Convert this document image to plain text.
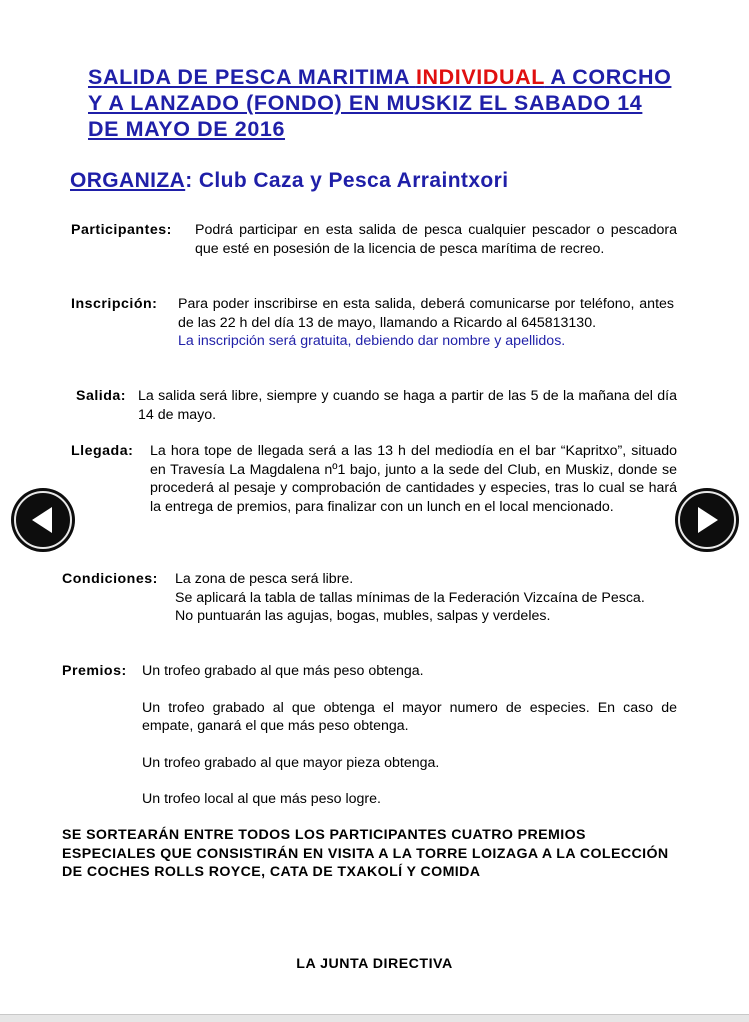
SALIDA DE PESCA MARITIMA INDIVIDUAL A CORCHO Y A LANZADO (FONDO) EN MUSKIZ EL SABADO 14 DE MAYO DE 2016
ORGANIZA: Club Caza y Pesca Arraintxori
Participantes: Podrá participar en esta salida de pesca cualquier pescador o pescadora que esté en posesión de la licencia de pesca marítima de recreo.

Inscripción: Para poder inscribirse en esta salida, deberá comunicarse por teléfono, antes de las 22 h del día 13 de mayo, llamando a Ricardo al 645813130.

La inscripción será gratuita, debiendo dar nombre y apellidos.

Salida: La salida será libre, siempre y cuando se haga a partir de las 5 de la mañana del día 14 de mayo.

Llegada: La hora tope de llegada será a las 13 h del mediodía en el bar “Kapritxo”, situado en Travesía La Magdalena nº1 bajo, junto a la sede del Club, en Muskiz, donde se procederá al pesaje y comprobación de cantidades y especies, tras lo cual se hará la entrega de premios, para finalizar con un lunch en el local mencionado.

Condiciones: La zona de pesca será libre.

Se aplicará la tabla de tallas mínimas de la Federación Vizcaína de Pesca.

No puntuarán las agujas, bogas, mubles, salpas y verdeles.

Premios: Un trofeo grabado al que más peso obtenga.

Un trofeo grabado al que obtenga el mayor numero de especies. En caso de empate, ganará el que más peso obtenga.

Un trofeo grabado al que mayor pieza obtenga.

Un trofeo local al que más peso logre.

SE SORTEARÁN ENTRE TODOS LOS PARTICIPANTES CUATRO PREMIOS ESPECIALES QUE CONSISTIRÁN EN VISITA A LA TORRE LOIZAGA A LA COLECCIÓN DE COCHES ROLLS ROYCE, CATA DE TXAKOLÍ Y COMIDA
LA JUNTA DIRECTIVA
